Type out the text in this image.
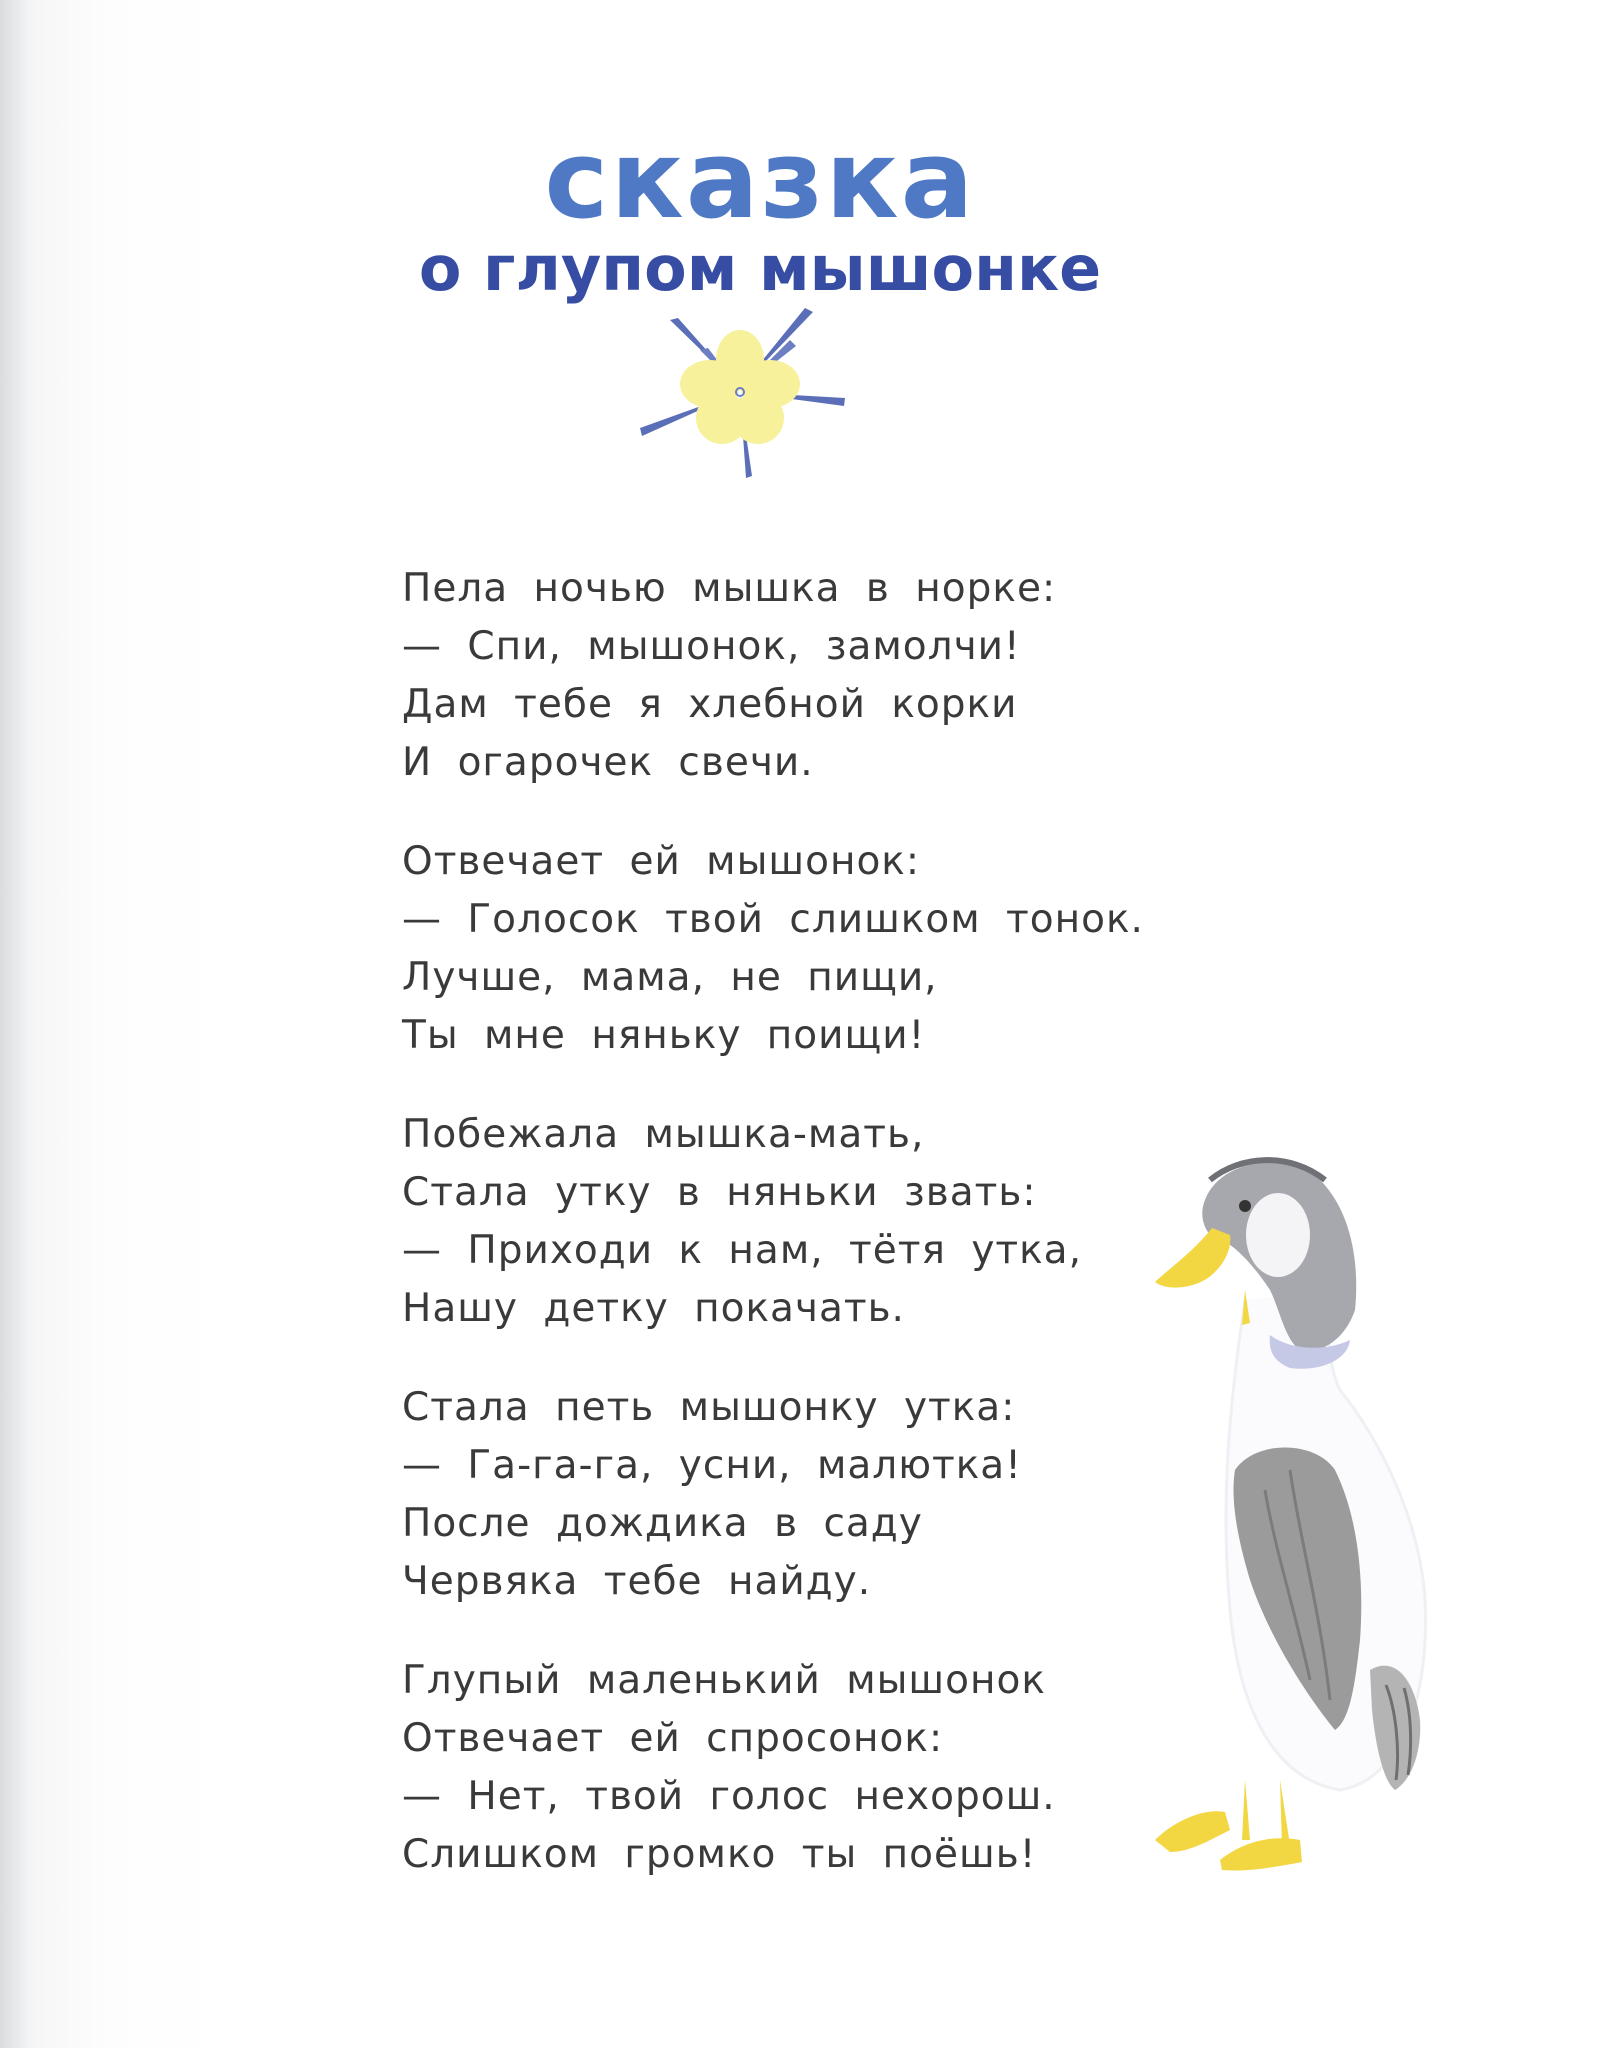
сказка
о глупом мышонке
Пела ночью мышка в норке:
— Спи, мышонок, замолчи!
Дам тебе я хлебной корки
И огарочек свечи.
Отвечает ей мышонок:
— Голосок твой слишком тонок.
Лучше, мама, не пищи,
Ты мне няньку поищи!
Побежала мышка-мать,
Стала утку в няньки звать:
— Приходи к нам, тётя утка,
Нашу детку покачать.
Стала петь мышонку утка:
— Га-га-га, усни, малютка!
После дождика в саду
Червяка тебе найду.
Глупый маленький мышонок
Отвечает ей спросонок:
— Нет, твой голос нехорош.
Слишком громко ты поёшь!
